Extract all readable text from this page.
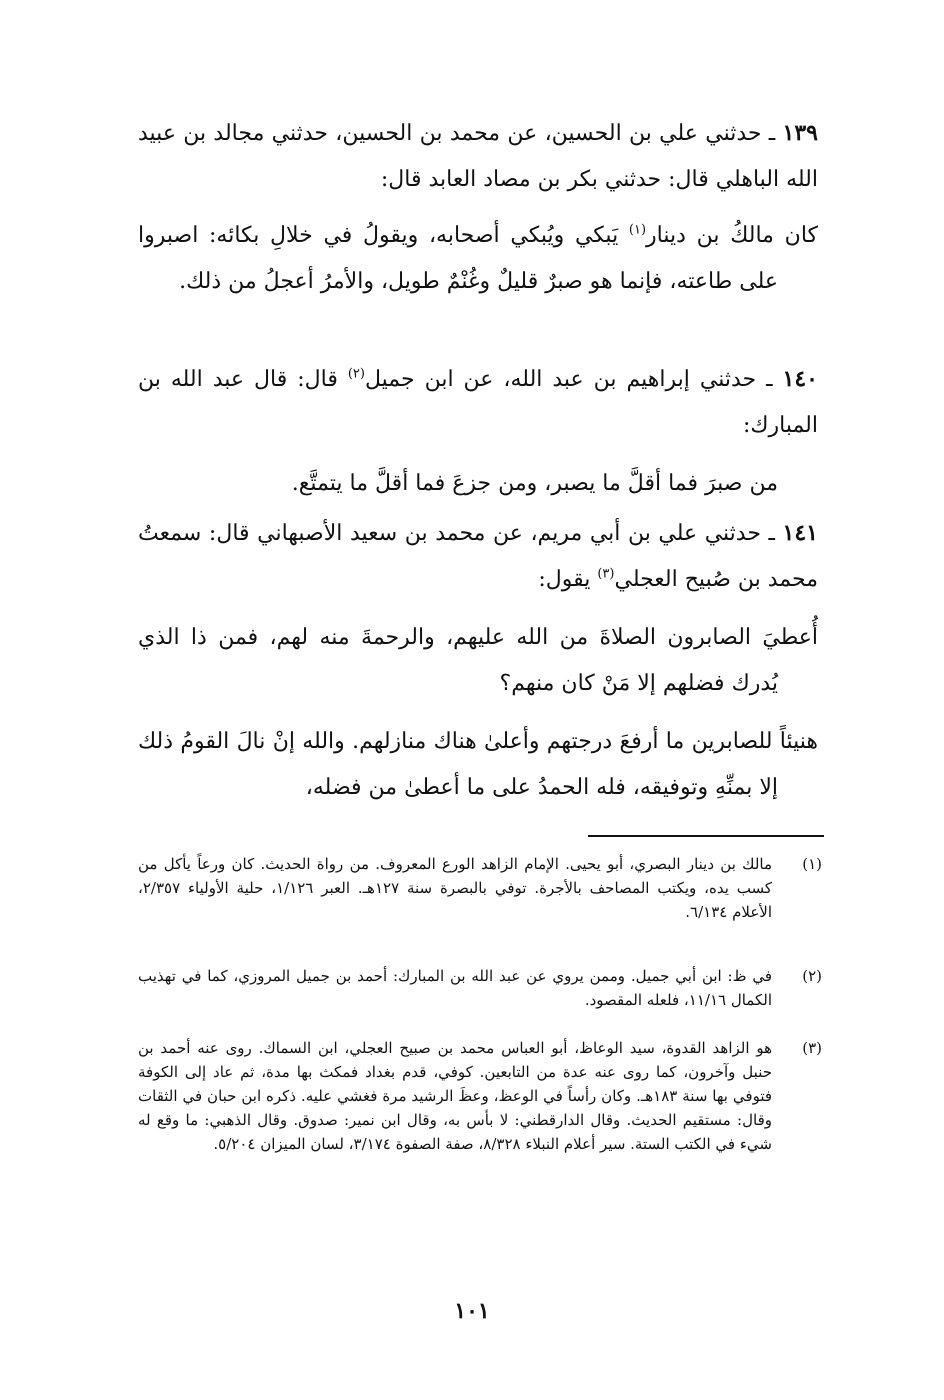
١٣٩ ـ حدثني علي بن الحسين، عن محمد بن الحسين، حدثني مجالد بن عبيد الله الباهلي قال: حدثني بكر بن مصاد العابد قال:

كان مالكُ بن دينار$^{(١)}$ يَبكي ويُبكي أصحابه، ويقولُ في خلالِ بكائه: اصبروا على طاعته، فإنما هو صبرٌ قليلٌ وغُنْمٌ طويل، والأمرُ أعجلُ من ذلك.

١٤٠ ـ حدثني إبراهيم بن عبد الله، عن ابن جميل$^{(٢)}$ قال: قال عبد الله بن المبارك:

من صبرَ فما أقلَّ ما يصبر، ومن جزعَ فما أقلَّ ما يتمتَّع.

١٤١ ـ حدثني علي بن أبي مريم، عن محمد بن سعيد الأصبهاني قال: سمعتُ محمد بن صُبيح العجلي$^{(٣)}$ يقول:

أُعطيَ الصابرون الصلاةَ من الله عليهم، والرحمةَ منه لهم، فمن ذا الذي يُدرك فضلهم إلا مَنْ كان منهم؟

هنيئاً للصابرين ما أرفعَ درجتهم وأعلىٰ هناك منازلهم. والله إنْ نالَ القومُ ذلك إلا بمنِّهِ وتوفيقه، فله الحمدُ على ما أعطىٰ من فضله،

(١)
مالك بن دينار البصري، أبو يحيى. الإمام الزاهد الورع المعروف. من رواة الحديث. كان ورعاً يأكل من كسب يده، ويكتب المصاحف بالأجرة. توفي بالبصرة سنة ١٢٧هـ. العبر ١/١٢٦، حلية الأولياء ٢/٣٥٧، الأعلام ٦/١٣٤.
(٢)
في ظ: ابن أبي جميل. وممن يروي عن عبد الله بن المبارك: أحمد بن جميل المروزي، كما في تهذيب الكمال ١١/١٦، فلعله المقصود.
(٣)
هو الزاهد القدوة، سيد الوعاظ، أبو العباس محمد بن صبيح العجلي، ابن السماك. روى عنه أحمد بن حنبل وآخرون، كما روى عنه عدة من التابعين. كوفي، قدم بغداد فمكث بها مدة، ثم عاد إلى الكوفة فتوفي بها سنة ١٨٣هـ. وكان رأساً في الوعظ، وعظَ الرشيد مرة فغشي عليه. ذكره ابن حبان في الثقات وقال: مستقيم الحديث. وقال الدارقطني: لا بأس به، وقال ابن نمير: صدوق. وقال الذهبي: ما وقع له شيء في الكتب الستة. سير أعلام النبلاء ٨/٣٢٨، صفة الصفوة ٣/١٧٤، لسان الميزان ٥/٢٠٤.
١٠١
